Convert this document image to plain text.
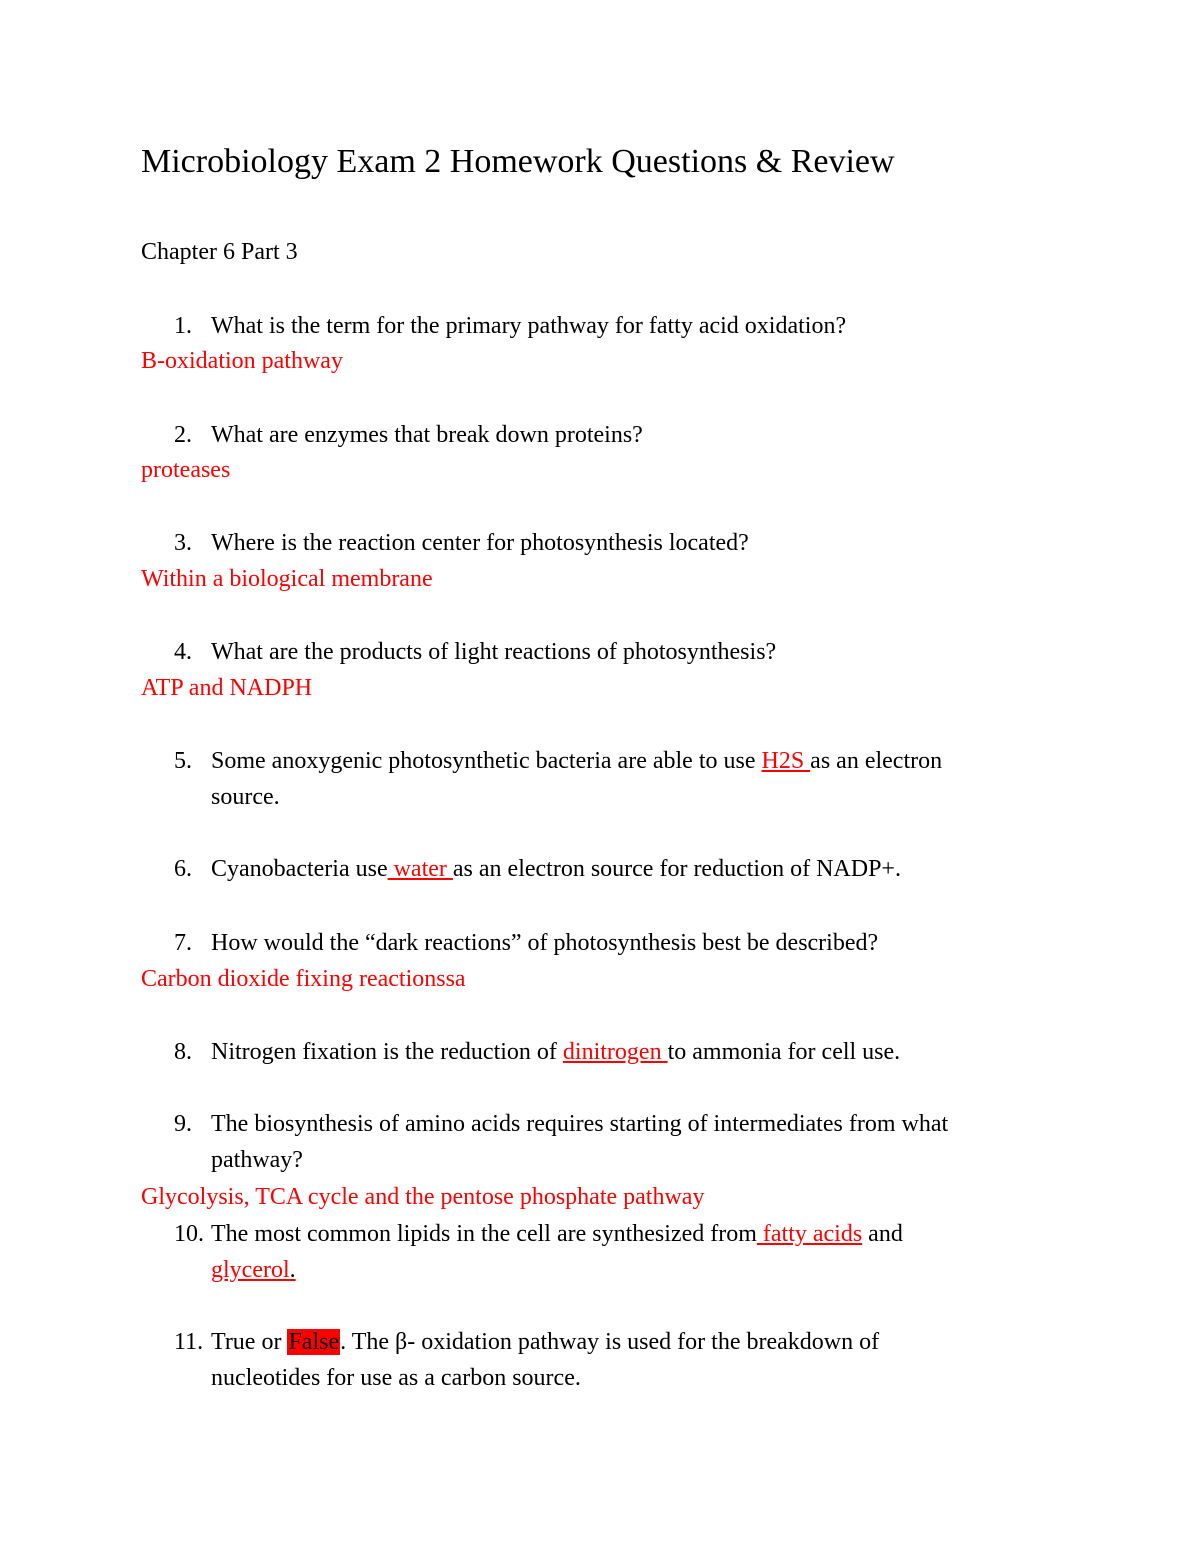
Microbiology Exam 2 Homework Questions & Review
Chapter 6 Part 3
1. What is the term for the primary pathway for fatty acid oxidation?
B-oxidation pathway
2. What are enzymes that break down proteins?
proteases
3. Where is the reaction center for photosynthesis located?
Within a biological membrane
4. What are the products of light reactions of photosynthesis?
ATP and NADPH
5. Some anoxygenic photosynthetic bacteria are able to use H2S as an electron
source.
6. Cyanobacteria use water as an electron source for reduction of NADP+.
7. How would the “dark reactions” of photosynthesis best be described?
Carbon dioxide fixing reactionssa
8. Nitrogen fixation is the reduction of dinitrogen to ammonia for cell use.
9. The biosynthesis of amino acids requires starting of intermediates from what
pathway?
Glycolysis, TCA cycle and the pentose phosphate pathway
10. The most common lipids in the cell are synthesized from fatty acids and
glycerol.
11. True or False. The β- oxidation pathway is used for the breakdown of
nucleotides for use as a carbon source.
